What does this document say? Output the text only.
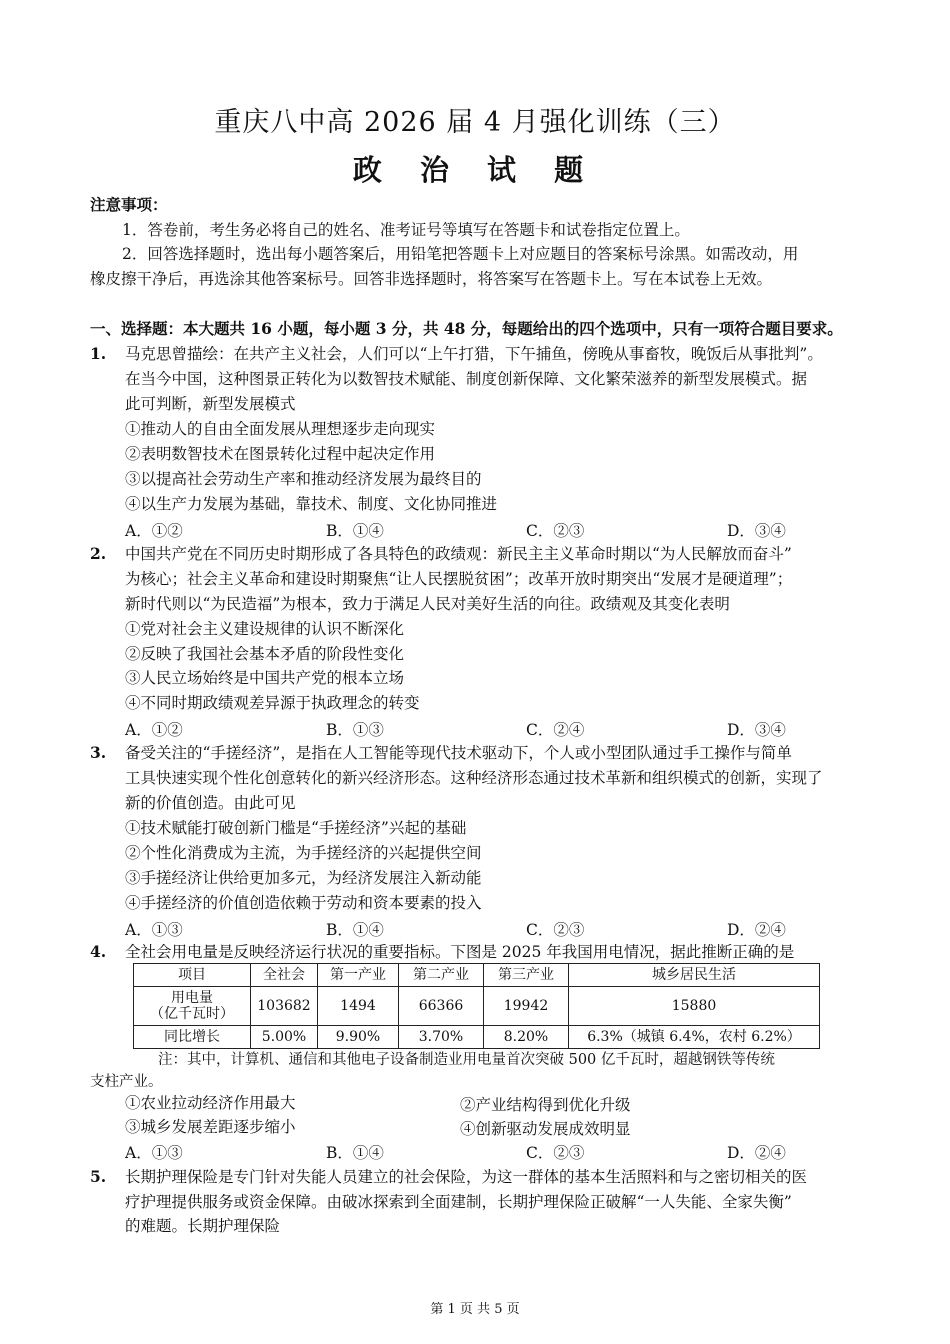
重庆八中高 2026 届 4 月强化训练（三）
政 治 试 题
注意事项：
1．答卷前，考生务必将自己的姓名、准考证号等填写在答题卡和试卷指定位置上。
2．回答选择题时，选出每小题答案后，用铅笔把答题卡上对应题目的答案标号涂黑。如需改动，用
橡皮擦干净后，再选涂其他答案标号。回答非选择题时，将答案写在答题卡上。写在本试卷上无效。
一、选择题：本大题共 16 小题，每小题 3 分，共 48 分，每题给出的四个选项中，只有一项符合题目要求。
1. 马克思曾描绘：在共产主义社会，人们可以“上午打猎，下午捕鱼，傍晚从事畜牧，晚饭后从事批判”。
在当今中国，这种图景正转化为以数智技术赋能、制度创新保障、文化繁荣滋养的新型发展模式。据
此可判断，新型发展模式
①推动人的自由全面发展从理想逐步走向现实
②表明数智技术在图景转化过程中起决定作用
③以提高社会劳动生产率和推动经济发展为最终目的
④以生产力发展为基础，靠技术、制度、文化协同推进
A．①②	B．①④	C．②③	D．③④
2. 中国共产党在不同历史时期形成了各具特色的政绩观：新民主主义革命时期以“为人民解放而奋斗”
为核心；社会主义革命和建设时期聚焦“让人民摆脱贫困”；改革开放时期突出“发展才是硬道理”；
新时代则以“为民造福”为根本，致力于满足人民对美好生活的向往。政绩观及其变化表明
①党对社会主义建设规律的认识不断深化
②反映了我国社会基本矛盾的阶段性变化
③人民立场始终是中国共产党的根本立场
④不同时期政绩观差异源于执政理念的转变
A．①②	B．①③	C．②④	D．③④
3. 备受关注的“手搓经济”，是指在人工智能等现代技术驱动下，个人或小型团队通过手工操作与简单
工具快速实现个性化创意转化的新兴经济形态。这种经济形态通过技术革新和组织模式的创新，实现了
新的价值创造。由此可见
①技术赋能打破创新门槛是“手搓经济”兴起的基础
②个性化消费成为主流，为手搓经济的兴起提供空间
③手搓经济让供给更加多元，为经济发展注入新动能
④手搓经济的价值创造依赖于劳动和资本要素的投入
A．①③	B．①④	C．②③	D．②④
4. 全社会用电量是反映经济运行状况的重要指标。下图是 2025 年我国用电情况，据此推断正确的是
项目	全社会	第一产业	第二产业	第三产业	城乡居民生活

用电量
（亿千瓦时）	103682	1494	66366	19942	15880
同比增长	5.00%	9.90%	3.70%	8.20%	6.3%（城镇 6.4%，农村 6.2%）
注：其中，计算机、通信和其他电子设备制造业用电量首次突破 500 亿千瓦时，超越钢铁等传统
支柱产业。
①农业拉动经济作用最大	②产业结构得到优化升级
③城乡发展差距逐步缩小	④创新驱动发展成效明显
A．①③	B．①④	C．②③	D．②④
5. 长期护理保险是专门针对失能人员建立的社会保险，为这一群体的基本生活照料和与之密切相关的医
疗护理提供服务或资金保障。由破冰探索到全面建制，长期护理保险正破解“一人失能、全家失衡”
的难题。长期护理保险
第 1 页 共 5 页
